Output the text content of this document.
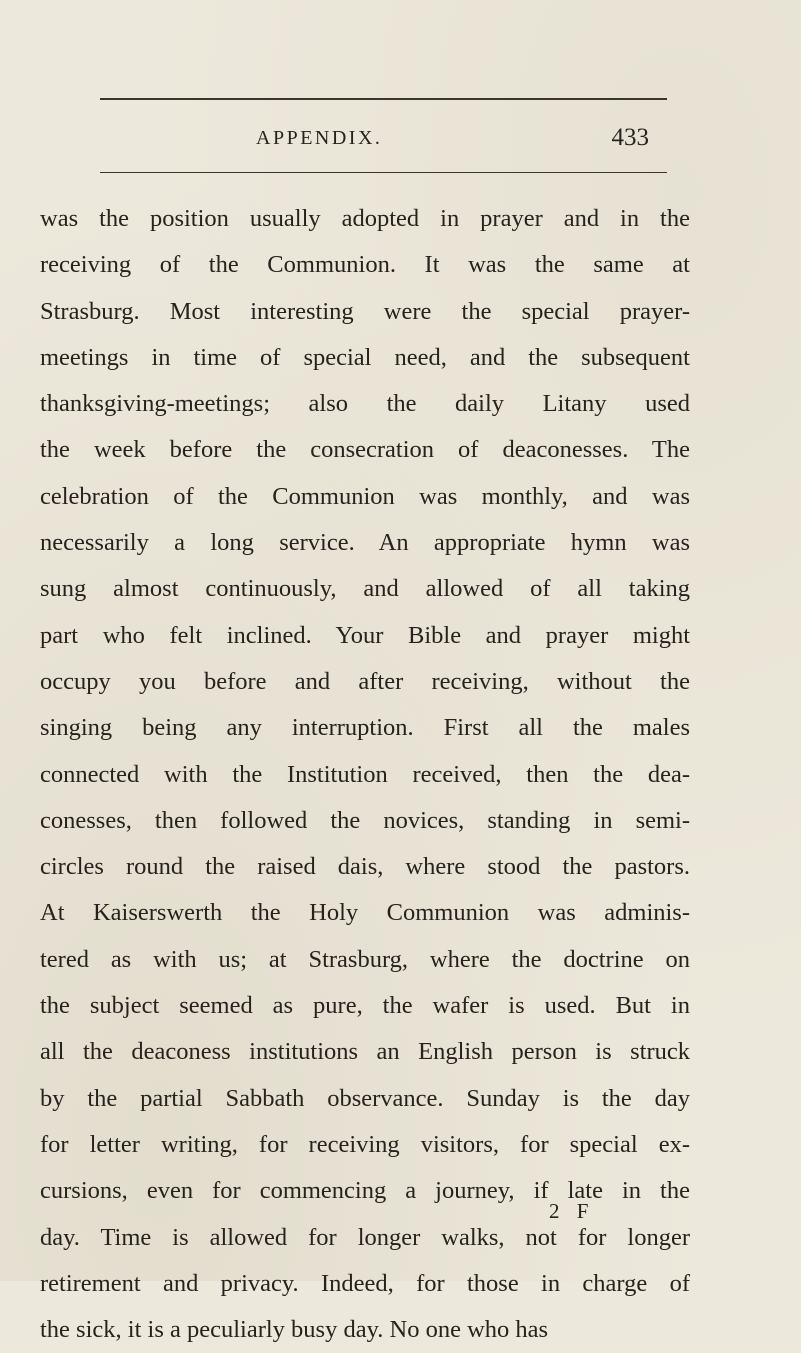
APPENDIX.	433
was the position usually adopted in prayer and in the
receiving of the Communion. It was the same at
Strasburg. Most interesting were the special prayer-
meetings in time of special need, and the subsequent
thanksgiving-meetings; also the daily Litany used
the week before the consecration of deaconesses. The
celebration of the Communion was monthly, and was
necessarily a long service. An appropriate hymn was
sung almost continuously, and allowed of all taking
part who felt inclined. Your Bible and prayer might
occupy you before and after receiving, without the
singing being any interruption. First all the males
connected with the Institution received, then the dea-
conesses, then followed the novices, standing in semi-
circles round the raised dais, where stood the pastors.
At Kaiserswerth the Holy Communion was adminis-
tered as with us; at Strasburg, where the doctrine on
the subject seemed as pure, the wafer is used. But in
all the deaconess institutions an English person is struck
by the partial Sabbath observance. Sunday is the day
for letter writing, for receiving visitors, for special ex-
cursions, even for commencing a journey, if late in the
day. Time is allowed for longer walks, not for longer
retirement and privacy. Indeed, for those in charge of
the sick, it is a peculiarly busy day. No one who has
2 F
